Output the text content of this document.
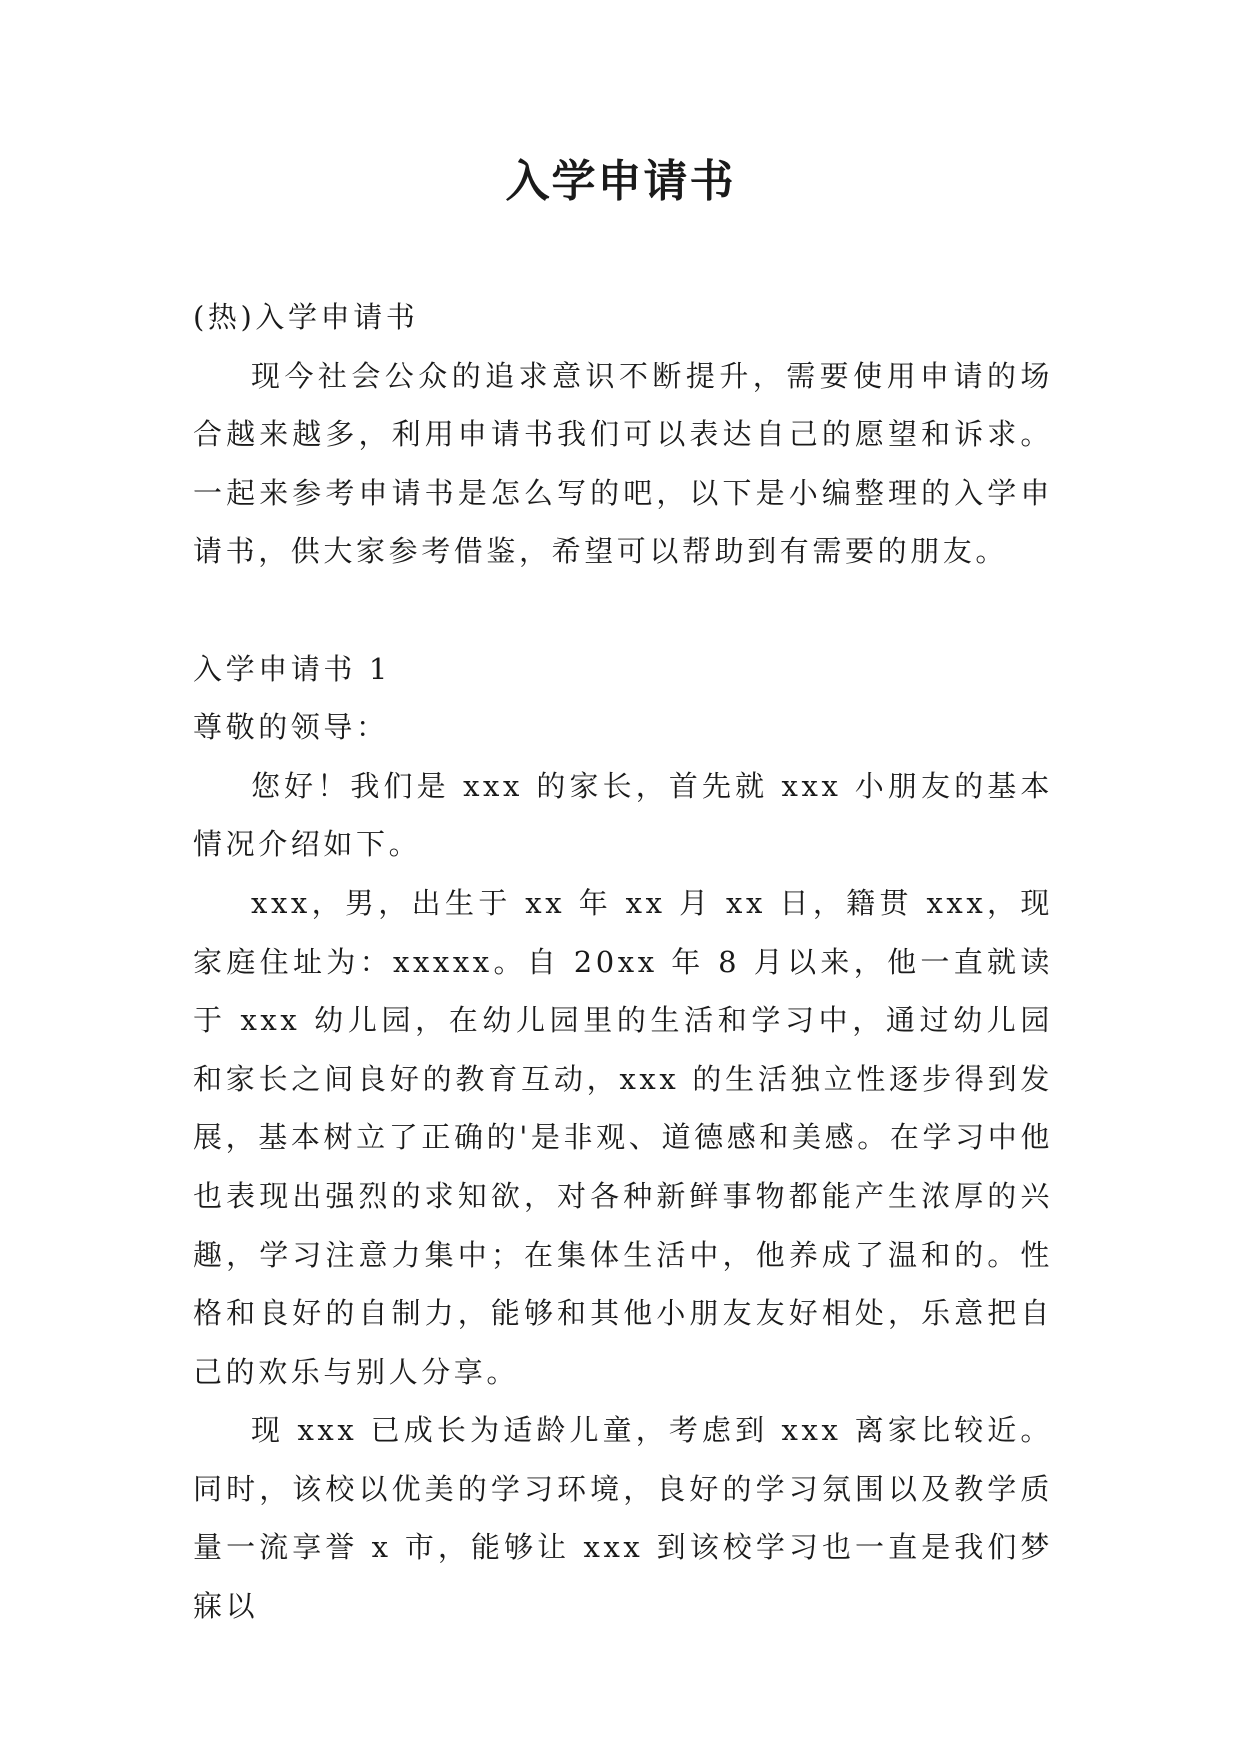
入学申请书

(热)入学申请书

现今社会公众的追求意识不断提升，需要使用申请的场合越来越多，利用申请书我们可以表达自己的愿望和诉求。一起来参考申请书是怎么写的吧，以下是小编整理的入学申请书，供大家参考借鉴，希望可以帮助到有需要的朋友。

入学申请书 1

尊敬的领导：

您好！我们是 xxx 的家长，首先就 xxx 小朋友的基本情况介绍如下。

xxx，男，出生于 xx 年 xx 月 xx 日，籍贯 xxx，现家庭住址为：xxxxx。自 20xx 年 8 月以来，他一直就读于 xxx 幼儿园，在幼儿园里的生活和学习中，通过幼儿园和家长之间良好的教育互动，xxx 的生活独立性逐步得到发展，基本树立了正确的'是非观、道德感和美感。在学习中他也表现出强烈的求知欲，对各种新鲜事物都能产生浓厚的兴趣，学习注意力集中；在集体生活中，他养成了温和的。性格和良好的自制力，能够和其他小朋友友好相处，乐意把自己的欢乐与别人分享。

现 xxx 已成长为适龄儿童，考虑到 xxx 离家比较近。同时，该校以优美的学习环境，良好的学习氛围以及教学质量一流享誉 x 市，能够让 xxx 到该校学习也一直是我们梦寐以
